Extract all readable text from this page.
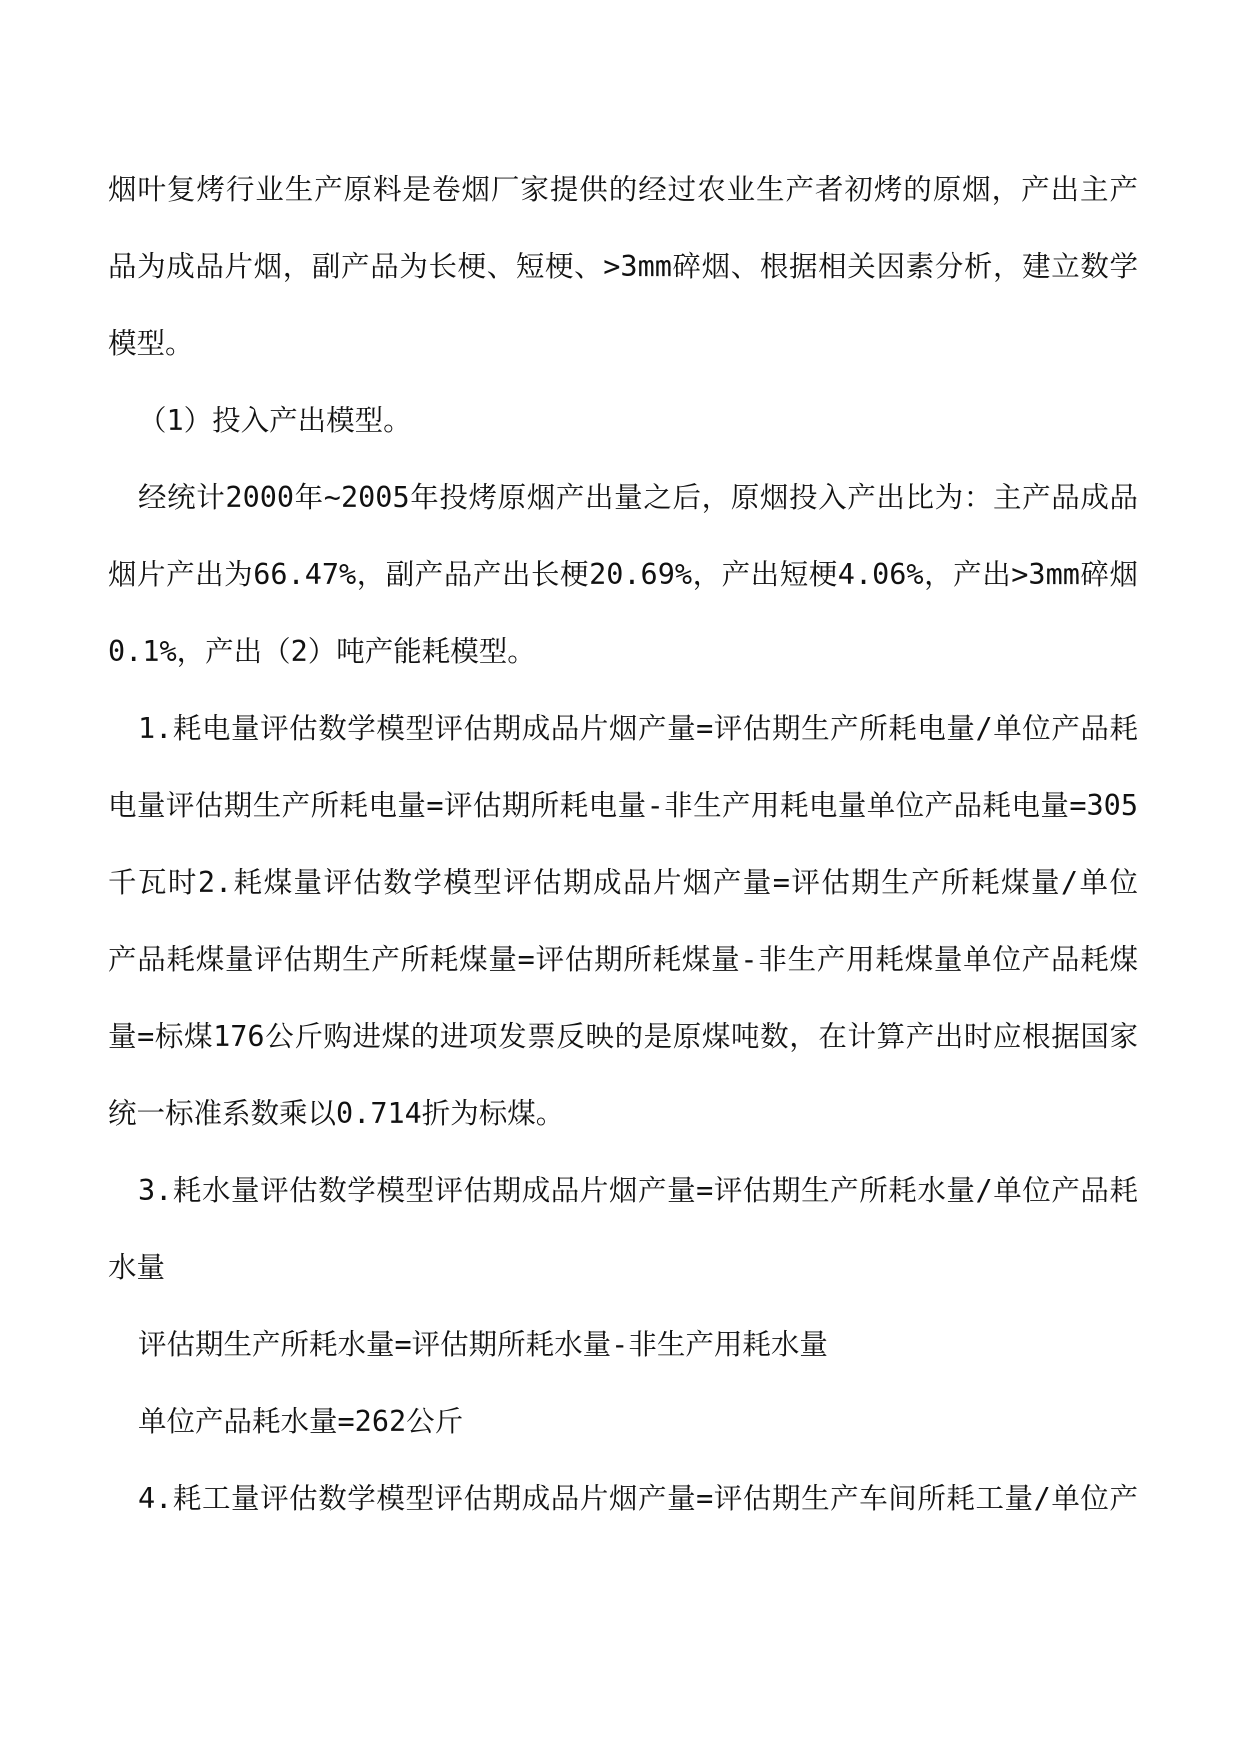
烟叶复烤行业生产原料是卷烟厂家提供的经过农业生产者初烤的原烟，产出主产
品为成品片烟，副产品为长梗、短梗、>3mm碎烟、根据相关因素分析，建立数学
模型。
（1）投入产出模型。
经统计2000年~2005年投烤原烟产出量之后，原烟投入产出比为：主产品成品
烟片产出为66.47%，副产品产出长梗20.69%，产出短梗4.06%，产出>3mm碎烟
0.1%，产出（2）吨产能耗模型。
1.耗电量评估数学模型评估期成品片烟产量=评估期生产所耗电量/单位产品耗
电量评估期生产所耗电量=评估期所耗电量-非生产用耗电量单位产品耗电量=305
千瓦时2.耗煤量评估数学模型评估期成品片烟产量=评估期生产所耗煤量/单位
产品耗煤量评估期生产所耗煤量=评估期所耗煤量-非生产用耗煤量单位产品耗煤
量=标煤176公斤购进煤的进项发票反映的是原煤吨数，在计算产出时应根据国家
统一标准系数乘以0.714折为标煤。
3.耗水量评估数学模型评估期成品片烟产量=评估期生产所耗水量/单位产品耗
水量
评估期生产所耗水量=评估期所耗水量-非生产用耗水量
单位产品耗水量=262公斤
4.耗工量评估数学模型评估期成品片烟产量=评估期生产车间所耗工量/单位产
